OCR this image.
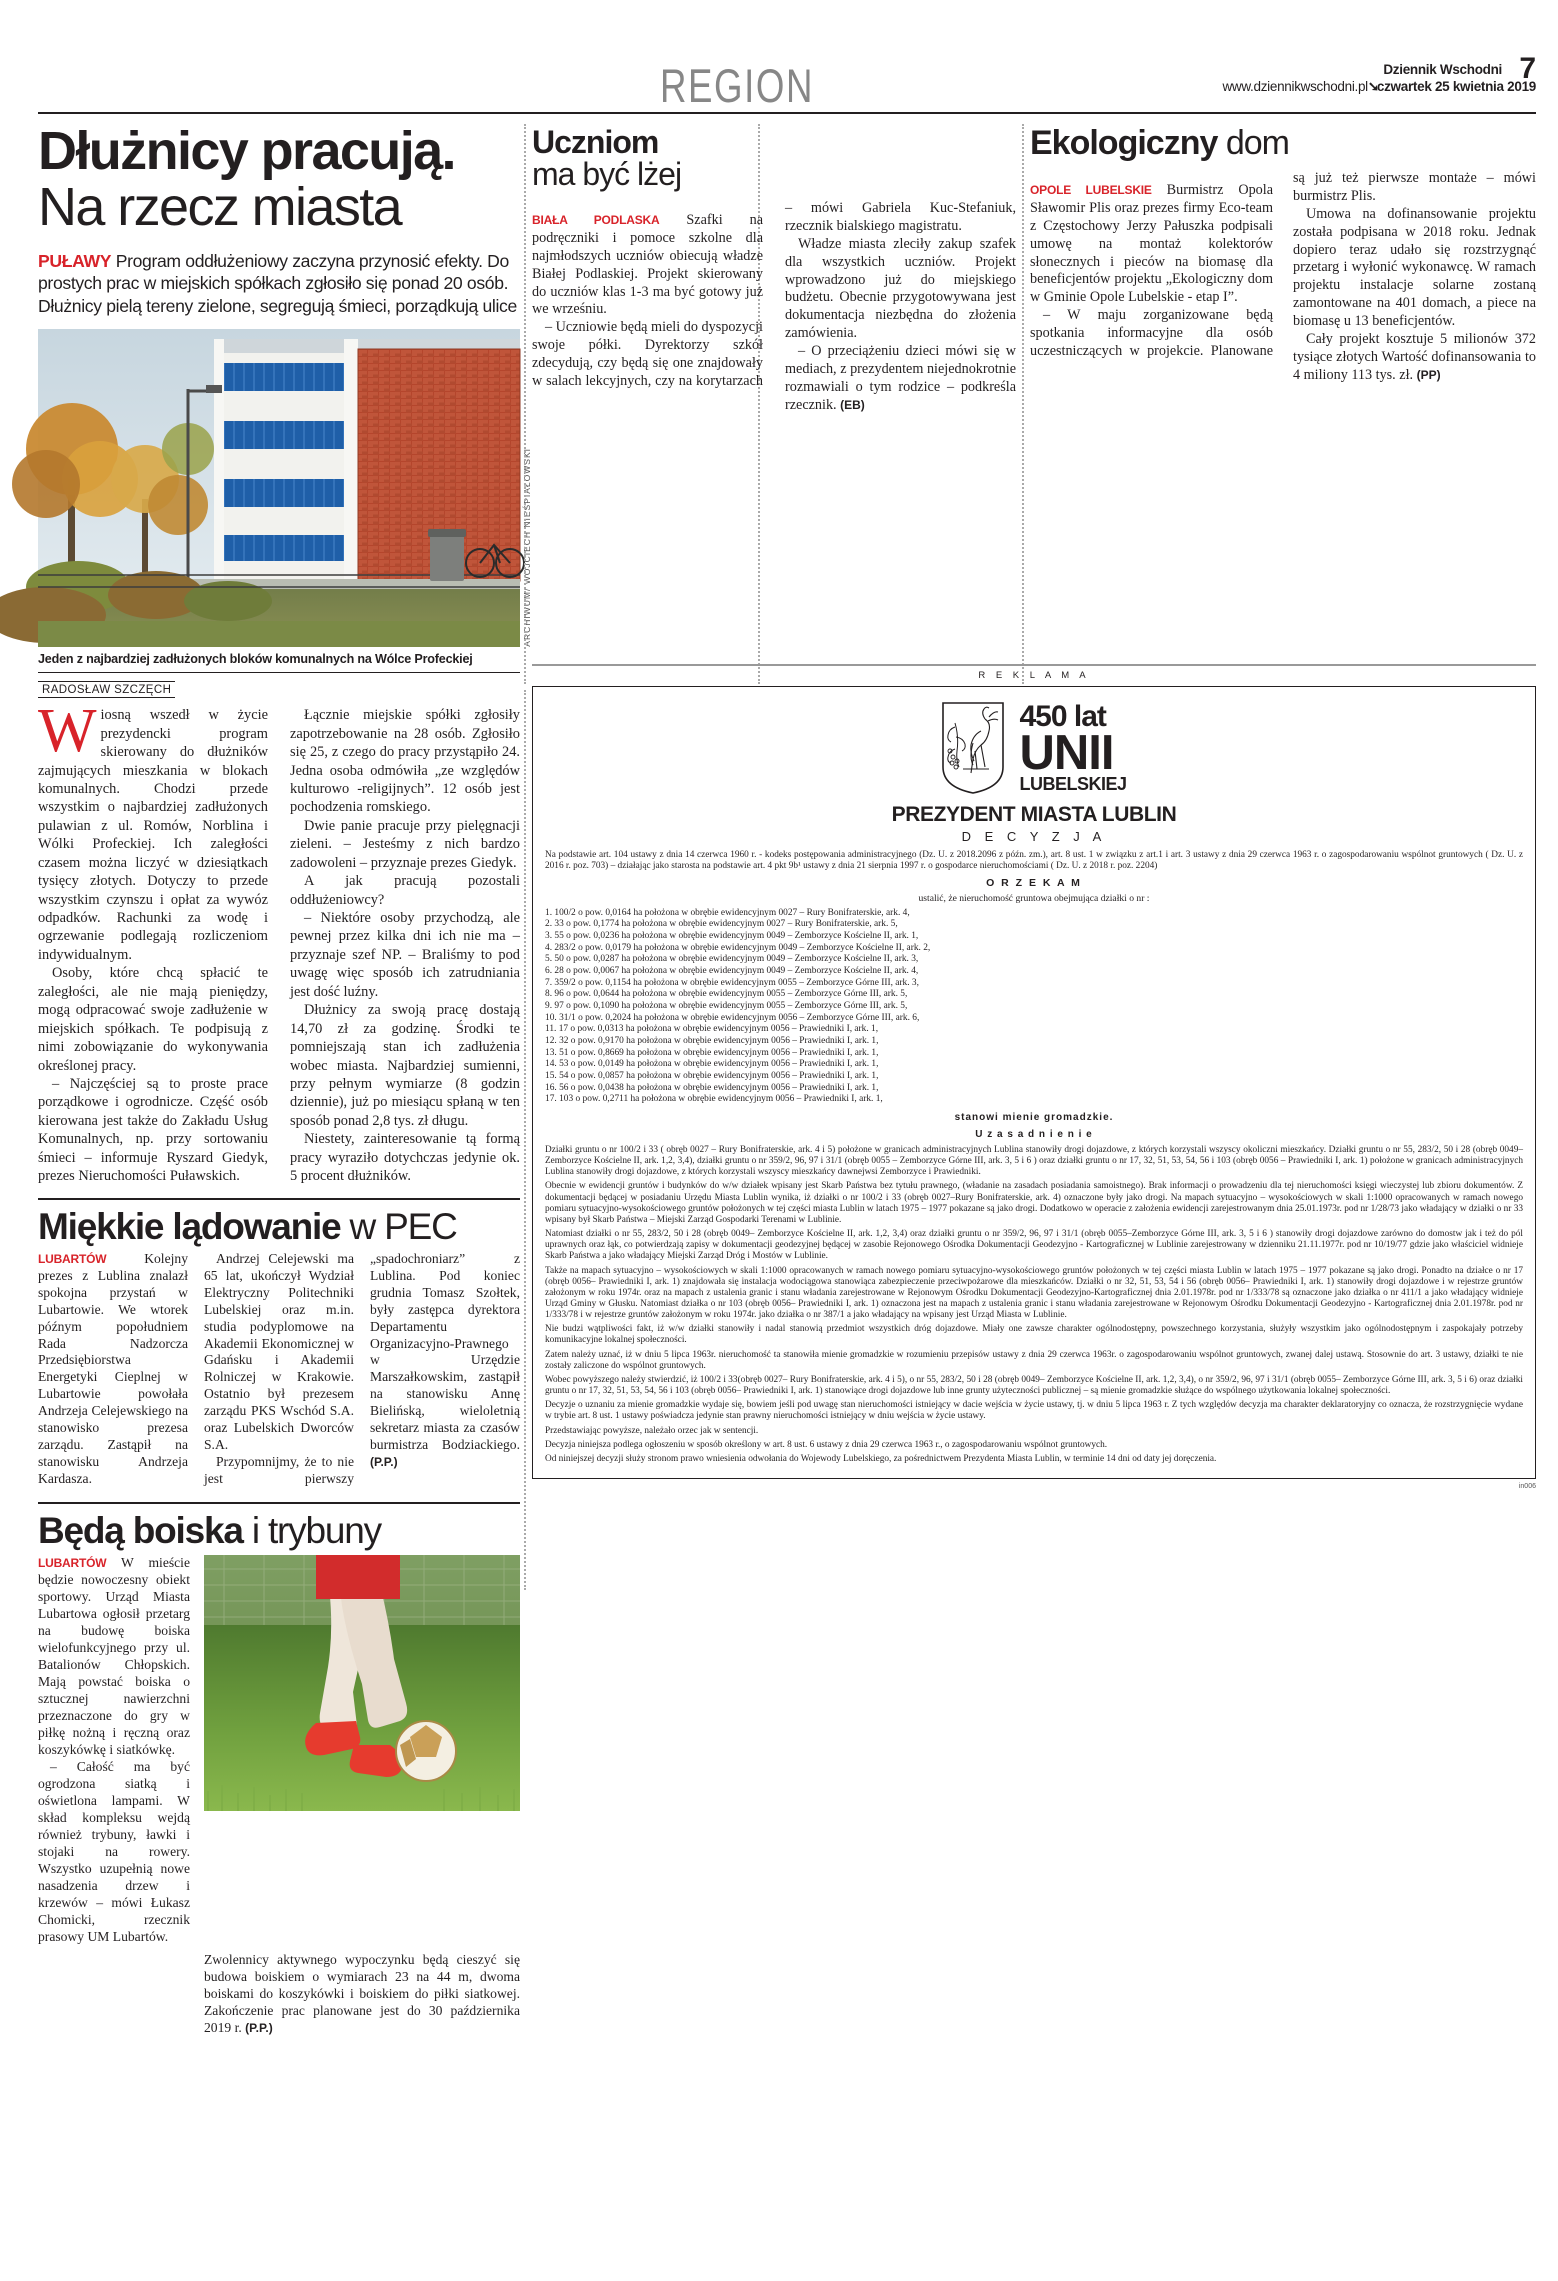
REGION	7
Dziennik Wschodni
www.dziennikwschodni.pl➘czwartek 25 kwietnia 2019
Dłużnicy pracują.
Na rzecz miasta
PUŁAWY Program oddłużeniowy zaczyna przynosić efekty. Do prostych prac w miejskich spółkach zgłosiło się ponad 20 osób. Dłużnicy pielą tereny zielone, segregują śmieci, porządkują ulice
ARCHIWUM/ WOJCIECH NIEŚPIAŁOWSKI
Jeden z najbardziej zadłużonych bloków komunalnych na Wólce Profeckiej
RADOSŁAW SZCZĘCH

Wiosną wszedł w życie prezydencki program skierowany do dłużników zajmujących mieszkania w blokach komunalnych. Chodzi przede wszystkim o najbardziej zadłużonych pulawian z ul. Romów, Norblina i Wólki Profeckiej. Ich zaległości czasem można liczyć w dziesiątkach tysięcy złotych. Dotyczy to przede wszystkim czynszu i opłat za wywóz odpadków. Rachunki za wodę i ogrzewanie podlegają rozliczeniom indywidualnym.

Osoby, które chcą spłacić te zaległości, ale nie mają pieniędzy, mogą odpracować swoje zadłużenie w miejskich spółkach. Te podpisują z nimi zobowiązanie do wykonywania określonej pracy.

– Najczęściej są to proste prace porządkowe i ogrodnicze. Część osób kierowana jest także do Zakładu Usług Komunalnych, np. przy sortowaniu śmieci – informuje Ryszard Giedyk, prezes Nieruchomości Puławskich.

Łącznie miejskie spółki zgłosiły zapotrzebowanie na 28 osób. Zgłosiło się 25, z czego do pracy przystąpiło 24. Jedna osoba odmówiła „ze względów kulturowo -religijnych”. 12 osób jest pochodzenia romskiego.

Dwie panie pracuje przy pielęgnacji zieleni. – Jesteśmy z nich bardzo zadowoleni – przyznaje prezes Giedyk.

A jak pracują pozostali oddłużeniowcy?

– Niektóre osoby przychodzą, ale pewnej przez kilka dni ich nie ma – przyznaje szef NP. – Braliśmy to pod uwagę więc sposób ich zatrudniania jest dość luźny.

Dłużnicy za swoją pracę dostają 14,70 zł za godzinę. Środki te pomniejszają stan ich zadłużenia wobec miasta. Najbardziej sumienni, przy pełnym wymiarze (8 godzin dziennie), już po miesiącu spłaną w ten sposób ponad 2,8 tys. zł długu.

Niestety, zainteresowanie tą formą pracy wyraziło dotychczas jedynie ok. 5 procent dłużników.

Miękkie lądowanie w PEC

LUBARTÓW Kolejny prezes z Lublina znalazł spokojna przystań w Lubartowie. We wtorek późnym popołudniem Rada Nadzorcza Przedsiębiorstwa Energetyki Cieplnej w Lubartowie powołała Andrzeja Celejewskiego na stanowisko prezesa zarządu. Zastąpił na stanowisku Andrzeja Kardasza.

Andrzej Celejewski ma 65 lat, ukończył Wydział Elektryczny Politechniki Lubelskiej oraz m.in. studia podyplomowe na Akademii Ekonomicznej w Gdańsku i Akademii Rolniczej w Krakowie. Ostatnio był prezesem zarządu PKS Wschód S.A. oraz Lubelskich Dworców S.A.

Przypomnijmy, że to nie jest pierwszy „spadochroniarz” z Lublina. Pod koniec grudnia Tomasz Szołtek, były zastępca dyrektora Departamentu Organizacyjno-Prawnego w Urzędzie Marszałkowskim, zastąpił na stanowisku Annę Bielińską, wieloletnią sekretarz miasta za czasów burmistrza Bodziackiego. (P.P.)

Będą boiska i trybuny

LUBARTÓW W mieście będzie nowoczesny obiekt sportowy. Urząd Miasta Lubartowa ogłosił przetarg na budowę boiska wielofunkcyjnego przy ul. Batalionów Chłopskich. Mają powstać boiska o sztucznej nawierzchni przeznaczone do gry w piłkę nożną i ręczną oraz koszykówkę i siatkówkę.

– Całość ma być ogrodzona siatką i oświetlona lampami. W skład kompleksu wejdą również trybuny, ławki i stojaki na rowery. Wszystko uzupełnią nowe nasadzenia drzew i krzewów – mówi Łukasz Chomicki, rzecznik prasowy UM Lubartów.

Zwolennicy aktywnego wypoczynku będą cieszyć się budowa boiskiem o wymiarach 23 na 44 m, dwoma boiskami do koszykówki i boiskiem do piłki siatkowej. Zakończenie prac planowane jest do 30 października 2019 r. (P.P.)

Uczniom
ma być lżej

BIAŁA PODLASKA Szafki na podręczniki i pomoce szkolne dla najmłodszych uczniów obiecują władze Białej Podlaskiej. Projekt skierowany do uczniów klas 1-3 ma być gotowy już we wrześniu.

– Uczniowie będą mieli do dyspozycji swoje półki. Dyrektorzy szkół zdecydują, czy będą się one znajdowały w salach lekcyjnych, czy na korytarzach – mówi Gabriela Kuc-Stefaniuk, rzecznik bialskiego magistratu.

Władze miasta zleciły zakup szafek dla wszystkich uczniów. Projekt wprowadzono już do miejskiego budżetu. Obecnie przygotowywana jest dokumentacja niezbędna do złożenia zamówienia.

– O przeciążeniu dzieci mówi się w mediach, z prezydentem niejednokrotnie rozmawiali o tym rodzice – podkreśla rzecznik. (EB)

Ekologiczny dom

OPOLE LUBELSKIE Burmistrz Opola Sławomir Plis oraz prezes firmy Eco-team z Częstochowy Jerzy Pałuszka podpisali umowę na montaż kolektorów słonecznych i pieców na biomasę dla beneficjentów projektu „Ekologiczny dom w Gminie Opole Lubelskie - etap I”.

– W maju zorganizowane będą spotkania informacyjne dla osób uczestniczących w projekcie. Planowane są już też pierwsze montaże – mówi burmistrz Plis.

Umowa na dofinansowanie projektu została podpisana w 2018 roku. Jednak dopiero teraz udało się rozstrzygnąć przetarg i wyłonić wykonawcę. W ramach projektu instalacje solarne zostaną zamontowane na 401 domach, a piece na biomasę u 13 beneficjentów.

Cały projekt kosztuje 5 milionów 372 tysiące złotych Wartość dofinansowania to 4 miliony 113 tys. zł. (PP)

R E K L A M A
450 lat
UNII
LUBELSKIEJ
PREZYDENT MIASTA LUBLIN
D E C Y Z J A

Na podstawie art. 104 ustawy z dnia 14 czerwca 1960 r. - kodeks postępowania administracyjnego (Dz. U. z 2018.2096 z późn. zm.), art. 8 ust. 1 w związku z art.1 i art. 3 ustawy z dnia 29 czerwca 1963 r. o zagospodarowaniu wspólnot gruntowych ( Dz. U. z 2016 r. poz. 703) – działając jako starosta na podstawie art. 4 pkt 9b¹ ustawy z dnia 21 sierpnia 1997 r. o gospodarce nieruchomościami ( Dz. U. z 2018 r. poz. 2204)

O R Z E K A M

ustalić, że nieruchomość gruntowa obejmująca działki o nr :

1. 100/2 o pow. 0,0164 ha położona w obrębie ewidencyjnym 0027 – Rury Bonifraterskie, ark. 4,
2. 33 o pow. 0,1774 ha położona w obrębie ewidencyjnym 0027 – Rury Bonifraterskie, ark. 5,
3. 55 o pow. 0,0236 ha położona w obrębie ewidencyjnym 0049 – Zemborzyce Kościelne II, ark. 1,
4. 283/2 o pow. 0,0179 ha położona w obrębie ewidencyjnym 0049 – Zemborzyce Kościelne II, ark. 2,
5. 50 o pow. 0,0287 ha położona w obrębie ewidencyjnym 0049 – Zemborzyce Kościelne II, ark. 3,
6. 28 o pow. 0,0067 ha położona w obrębie ewidencyjnym 0049 – Zemborzyce Kościelne II, ark. 4,
7. 359/2 o pow. 0,1154 ha położona w obrębie ewidencyjnym 0055 – Zemborzyce Górne III, ark. 3,
8. 96 o pow. 0,0644 ha położona w obrębie ewidencyjnym 0055 – Zemborzyce Górne III, ark. 5,
9. 97 o pow. 0,1090 ha położona w obrębie ewidencyjnym 0055 – Zemborzyce Górne III, ark. 5,
10. 31/1 o pow. 0,2024 ha położona w obrębie ewidencyjnym 0056 – Zemborzyce Górne III, ark. 6,
11. 17 o pow. 0,0313 ha położona w obrębie ewidencyjnym 0056 – Prawiedniki I, ark. 1,
12. 32 o pow. 0,9170 ha położona w obrębie ewidencyjnym 0056 – Prawiedniki I, ark. 1,
13. 51 o pow. 0,8669 ha położona w obrębie ewidencyjnym 0056 – Prawiedniki I, ark. 1,
14. 53 o pow. 0,0149 ha położona w obrębie ewidencyjnym 0056 – Prawiedniki I, ark. 1,
15. 54 o pow. 0,0857 ha położona w obrębie ewidencyjnym 0056 – Prawiedniki I, ark. 1,
16. 56 o pow. 0,0438 ha położona w obrębie ewidencyjnym 0056 – Prawiedniki I, ark. 1,
17. 103 o pow. 0,2711 ha położona w obrębie ewidencyjnym 0056 – Prawiedniki I, ark. 1,
stanowi mienie gromadzkie.
U z a s a d n i e n i e

Działki gruntu o nr 100/2 i 33 ( obręb 0027 – Rury Bonifraterskie, ark. 4 i 5) położone w granicach administracyjnych Lublina stanowiły drogi dojazdowe, z których korzystali wszyscy okoliczni mieszkańcy. Działki gruntu o nr 55, 283/2, 50 i 28 (obręb 0049– Zemborzyce Kościelne II, ark. 1,2, 3,4), działki gruntu o nr 359/2, 96, 97 i 31/1 (obręb 0055 – Zemborzyce Górne III, ark. 3, 5 i 6 ) oraz działki gruntu o nr 17, 32, 51, 53, 54, 56 i 103 (obręb 0056 – Prawiedniki I, ark. 1) położone w granicach administracyjnych Lublina stanowiły drogi dojazdowe, z których korzystali wszyscy mieszkańcy dawnejwsi Zemborzyce i Prawiedniki.

Obecnie w ewidencji gruntów i budynków do w/w działek wpisany jest Skarb Państwa bez tytułu prawnego, (władanie na zasadach posiadania samoistnego). Brak informacji o prowadzeniu dla tej nieruchomości księgi wieczystej lub zbioru dokumentów. Z dokumentacji będącej w posiadaniu Urzędu Miasta Lublin wynika, iż działki o nr 100/2 i 33 (obręb 0027–Rury Bonifraterskie, ark. 4) oznaczone były jako drogi. Na mapach sytuacyjno – wysokościowych w skali 1:1000 opracowanych w ramach nowego pomiaru sytuacyjno-wysokościowego gruntów położonych w tej części miasta Lublin w latach 1975 – 1977 pokazane są jako drogi. Dodatkowo w operacie z założenia ewidencji zarejestrowanym dnia 25.01.1973r. pod nr 1/28/73 jako władający w działki o nr 33 wpisany był Skarb Państwa – Miejski Zarząd Gospodarki Terenami w Lublinie.

Natomiast działki o nr 55, 283/2, 50 i 28 (obręb 0049– Zemborzyce Kościelne II, ark. 1,2, 3,4) oraz działki gruntu o nr 359/2, 96, 97 i 31/1 (obręb 0055–Zemborzyce Górne III, ark. 3, 5 i 6 ) stanowiły drogi dojazdowe zarówno do domostw jak i też do pól uprawnych oraz łąk, co potwierdzają zapisy w dokumentacji geodezyjnej będącej w zasobie Rejonowego Ośrodka Dokumentacji Geodezyjno - Kartograficznej w Lublinie zarejestrowany w dzienniku 21.11.1977r. pod nr 10/19/77 gdzie jako właściciel widnieje Skarb Państwa a jako władający Miejski Zarząd Dróg i Mostów w Lublinie.

Także na mapach sytuacyjno – wysokościowych w skali 1:1000 opracowanych w ramach nowego pomiaru sytuacyjno-wysokościowego gruntów położonych w tej części miasta Lublin w latach 1975 – 1977 pokazane są jako drogi. Ponadto na działce o nr 17 (obręb 0056– Prawiedniki I, ark. 1) znajdowała się instalacja wodociągowa stanowiąca zabezpieczenie przeciwpożarowe dla mieszkańców. Działki o nr 32, 51, 53, 54 i 56 (obręb 0056– Prawiedniki I, ark. 1) stanowiły drogi dojazdowe i w rejestrze gruntów założonym w roku 1974r. oraz na mapach z ustalenia granic i stanu władania zarejestrowane w Rejonowym Ośrodku Dokumentacji Geodezyjno-Kartograficznej dnia 2.01.1978r. pod nr 1/333/78 są oznaczone jako działka o nr 411/1 a jako władający widnieje Urząd Gminy w Głusku. Natomiast działka o nr 103 (obręb 0056– Prawiedniki I, ark. 1) oznaczona jest na mapach z ustalenia granic i stanu władania zarejestrowane w Rejonowym Ośrodku Dokumentacji Geodezyjno - Kartograficznej dnia 2.01.1978r. pod nr 1/333/78 i w rejestrze gruntów założonym w roku 1974r. jako działka o nr 387/1 a jako władający na wpisany jest Urząd Miasta w Lublinie.

Nie budzi wątpliwości fakt, iż w/w działki stanowiły i nadal stanowią przedmiot wszystkich dróg dojazdowe. Miały one zawsze charakter ogólnodostępny, powszechnego korzystania, służyły wszystkim jako ogólnodostępnym i zaspokajały potrzeby komunikacyjne lokalnej społeczności.

Zatem należy uznać, iż w dniu 5 lipca 1963r. nieruchomość ta stanowiła mienie gromadzkie w rozumieniu przepisów ustawy z dnia 29 czerwca 1963r. o zagospodarowaniu wspólnot gruntowych, zwanej dalej ustawą. Stosownie do art. 3 ustawy, działki te nie zostały zaliczone do wspólnot gruntowych.

Wobec powyższego należy stwierdzić, iż 100/2 i 33(obręb 0027– Rury Bonifraterskie, ark. 4 i 5), o nr 55, 283/2, 50 i 28 (obręb 0049– Zemborzyce Kościelne II, ark. 1,2, 3,4), o nr 359/2, 96, 97 i 31/1 (obręb 0055– Zemborzyce Górne III, ark. 3, 5 i 6) oraz działki gruntu o nr 17, 32, 51, 53, 54, 56 i 103 (obręb 0056– Prawiedniki I, ark. 1) stanowiące drogi dojazdowe lub inne grunty użyteczności publicznej – są mienie gromadzkie służące do wspólnego użytkowania lokalnej społeczności.

Decyzje o uznaniu za mienie gromadzkie wydaje się, bowiem jeśli pod uwagę stan nieruchomości istniejący w dacie wejścia w życie ustawy, tj. w dniu 5 lipca 1963 r. Z tych względów decyzja ma charakter deklaratoryjny co oznacza, że rozstrzygnięcie wydane w trybie art. 8 ust. 1 ustawy poświadcza jedynie stan prawny nieruchomości istniejący w dniu wejścia w życie ustawy.

Przedstawiając powyższe, należało orzec jak w sentencji.

Decyzja niniejsza podlega ogłoszeniu w sposób określony w art. 8 ust. 6 ustawy z dnia 29 czerwca 1963 r., o zagospodarowaniu wspólnot gruntowych.

Od niniejszej decyzji służy stronom prawo wniesienia odwołania do Wojewody Lubelskiego, za pośrednictwem Prezydenta Miasta Lublin, w terminie 14 dni od daty jej doręczenia.

in006
